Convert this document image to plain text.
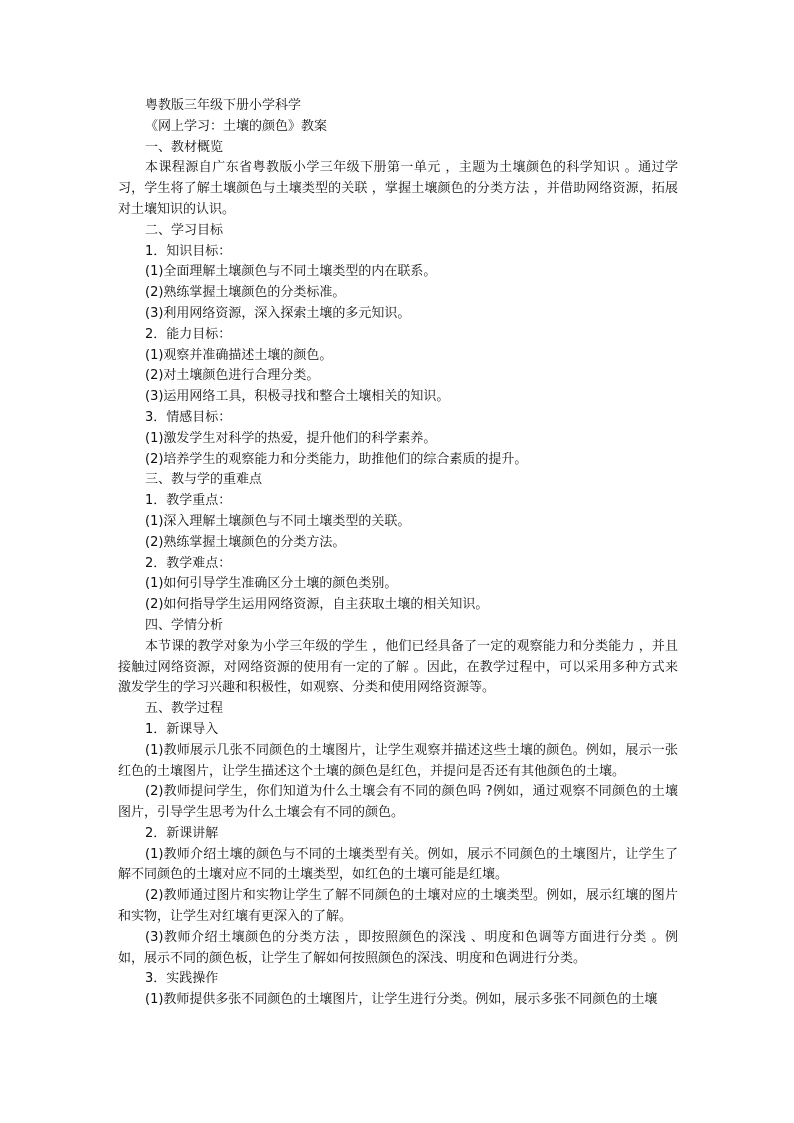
粤教版三年级下册小学科学
《网上学习：土壤的颜色》教案
一、教材概览
本课程源自广东省粤教版小学三年级下册第一单元 ，主题为土壤颜色的科学知识 。通过学习，学生将了解土壤颜色与土壤类型的关联 ，掌握土壤颜色的分类方法 ，并借助网络资源，拓展对土壤知识的认识。
二、学习目标
1．知识目标：
(1)全面理解土壤颜色与不同土壤类型的内在联系。
(2)熟练掌握土壤颜色的分类标准。
(3)利用网络资源，深入探索土壤的多元知识。
2．能力目标：
(1)观察并准确描述土壤的颜色。
(2)对土壤颜色进行合理分类。
(3)运用网络工具，积极寻找和整合土壤相关的知识。
3．情感目标：
(1)激发学生对科学的热爱，提升他们的科学素养。
(2)培养学生的观察能力和分类能力，助推他们的综合素质的提升。
三、教与学的重难点
1．教学重点：
(1)深入理解土壤颜色与不同土壤类型的关联。
(2)熟练掌握土壤颜色的分类方法。
2．教学难点：
(1)如何引导学生准确区分土壤的颜色类别。
(2)如何指导学生运用网络资源，自主获取土壤的相关知识。
四、学情分析
本节课的教学对象为小学三年级的学生 ，他们已经具备了一定的观察能力和分类能力 ，并且接触过网络资源，对网络资源的使用有一定的了解 。因此，在教学过程中，可以采用多种方式来激发学生的学习兴趣和积极性，如观察、分类和使用网络资源等。
五、教学过程
1．新课导入
(1)教师展示几张不同颜色的土壤图片，让学生观察并描述这些土壤的颜色。例如，展示一张红色的土壤图片，让学生描述这个土壤的颜色是红色，并提问是否还有其他颜色的土壤。
(2)教师提问学生，你们知道为什么土壤会有不同的颜色吗 ?例如，通过观察不同颜色的土壤图片，引导学生思考为什么土壤会有不同的颜色。
2．新课讲解
(1)教师介绍土壤的颜色与不同的土壤类型有关。例如，展示不同颜色的土壤图片，让学生了解不同颜色的土壤对应不同的土壤类型，如红色的土壤可能是红壤。
(2)教师通过图片和实物让学生了解不同颜色的土壤对应的土壤类型。例如，展示红壤的图片和实物，让学生对红壤有更深入的了解。
(3)教师介绍土壤颜色的分类方法 ，即按照颜色的深浅 、明度和色调等方面进行分类 。例如，展示不同的颜色板，让学生了解如何按照颜色的深浅、明度和色调进行分类。
3．实践操作
(1)教师提供多张不同颜色的土壤图片，让学生进行分类。例如，展示多张不同颜色的土壤
